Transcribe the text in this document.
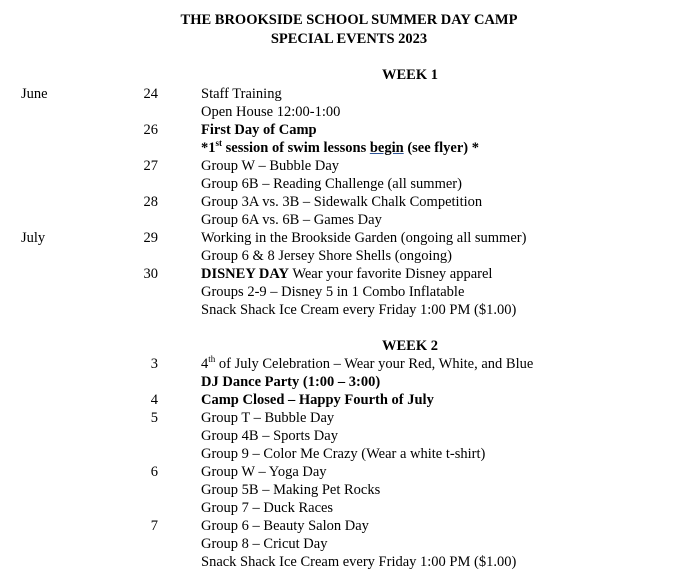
THE BROOKSIDE SCHOOL SUMMER DAY CAMP
SPECIAL EVENTS 2023
WEEK 1
June	24	Staff Training
Open House 12:00-1:00
26	First Day of Camp
*1st session of swim lessons begin (see flyer) *
27	Group W – Bubble Day
Group 6B – Reading Challenge (all summer)
28	Group 3A vs. 3B – Sidewalk Chalk Competition
Group 6A vs. 6B – Games Day
July	29	Working in the Brookside Garden (ongoing all summer)
Group 6 & 8 Jersey Shore Shells (ongoing)
30	DISNEY DAY Wear your favorite Disney apparel
Groups 2-9 – Disney 5 in 1 Combo Inflatable
Snack Shack Ice Cream every Friday 1:00 PM ($1.00)
WEEK 2
3	4th of July Celebration – Wear your Red, White, and Blue
DJ Dance Party (1:00 – 3:00)
4	Camp Closed – Happy Fourth of July
5	Group T – Bubble Day
Group 4B – Sports Day
Group 9 – Color Me Crazy (Wear a white t-shirt)
6	Group W – Yoga Day
Group 5B – Making Pet Rocks
Group 7 – Duck Races
7	Group 6 – Beauty Salon Day
Group 8 – Cricut Day
Snack Shack Ice Cream every Friday 1:00 PM ($1.00)
